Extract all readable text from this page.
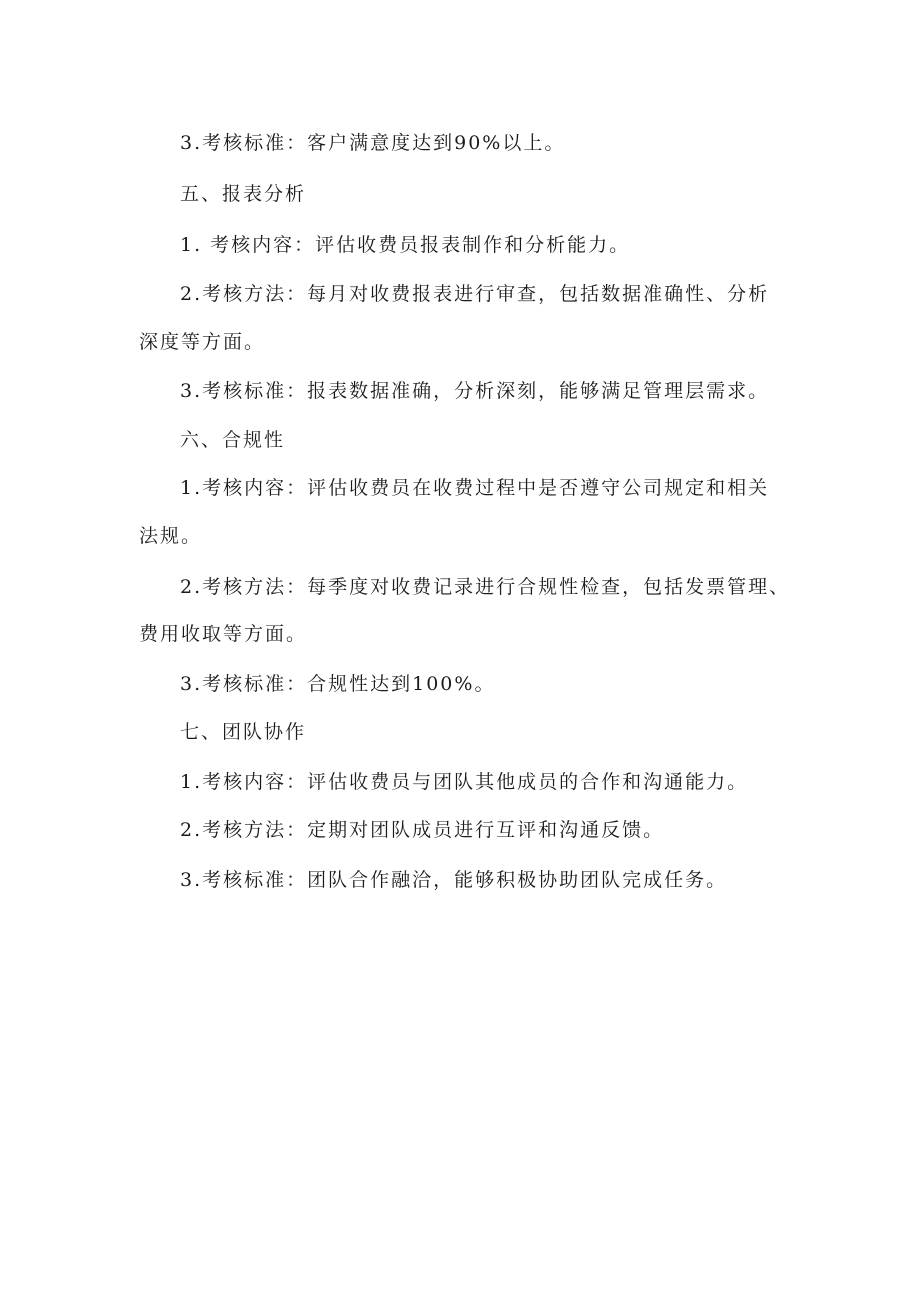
3.考核标准：客户满意度达到90%以上。
五、报表分析
1. 考核内容：评估收费员报表制作和分析能力。
2.考核方法：每月对收费报表进行审查，包括数据准确性、分析
深度等方面。
3.考核标准：报表数据准确，分析深刻，能够满足管理层需求。
六、合规性
1.考核内容：评估收费员在收费过程中是否遵守公司规定和相关
法规。
2.考核方法：每季度对收费记录进行合规性检查，包括发票管理、
费用收取等方面。
3.考核标准：合规性达到100%。
七、团队协作
1.考核内容：评估收费员与团队其他成员的合作和沟通能力。
2.考核方法：定期对团队成员进行互评和沟通反馈。
3.考核标准：团队合作融洽，能够积极协助团队完成任务。
